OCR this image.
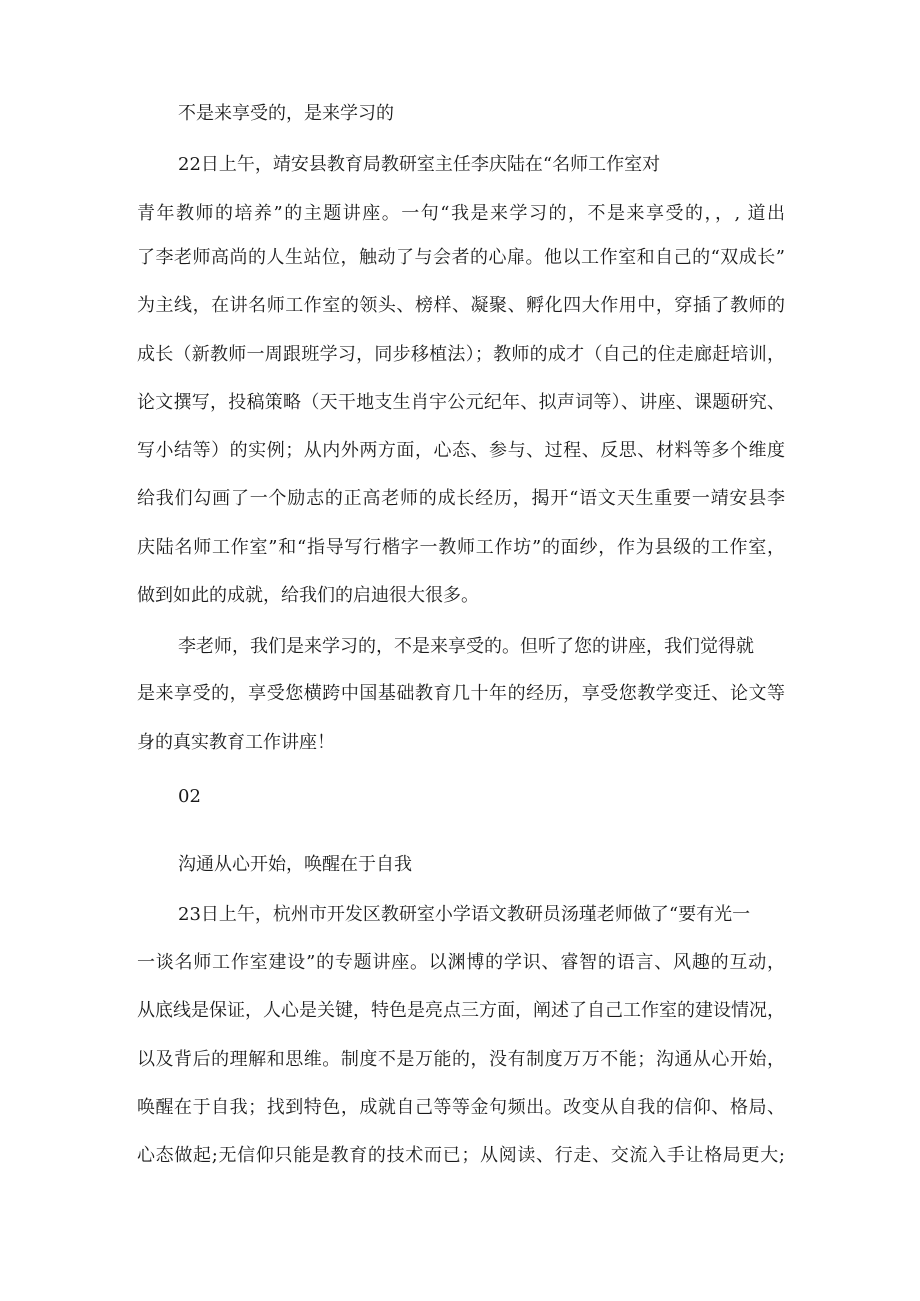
不是来享受的，是来学习的

22日上午，靖安县教育局教研室主任李庆陆在“名师工作室对

青年教师的培养”的主题讲座。一句“我是来学习的，不是来享受的，，, 道出

了李老师高尚的人生站位，触动了与会者的心扉。他以工作室和自己的“双成长”

为主线，在讲名师工作室的领头、榜样、凝聚、孵化四大作用中，穿插了教师的

成长（新教师一周跟班学习，同步移植法）；教师的成才（自己的住走廊赶培训，

论文撰写，投稿策略（天干地支生肖宇公元纪年、拟声词等）、讲座、课题研究、

写小结等）的实例；从内外两方面，心态、参与、过程、反思、材料等多个维度

给我们勾画了一个励志的正高老师的成长经历，揭开“语文天生重要一靖安县李

庆陆名师工作室”和“指导写行楷字一教师工作坊”的面纱，作为县级的工作室，

做到如此的成就，给我们的启迪很大很多。

李老师，我们是来学习的，不是来享受的。但听了您的讲座，我们觉得就

是来享受的，享受您横跨中国基础教育几十年的经历，享受您教学变迁、论文等

身的真实教育工作讲座！

02

沟通从心开始，唤醒在于自我

23日上午，杭州市开发区教研室小学语文教研员汤瑾老师做了“要有光一

一谈名师工作室建设”的专题讲座。以渊博的学识、睿智的语言、风趣的互动，

从底线是保证，人心是关键，特色是亮点三方面，阐述了自己工作室的建设情况，

以及背后的理解和思维。制度不是万能的，没有制度万万不能；沟通从心开始，

唤醒在于自我；找到特色，成就自己等等金句频出。改变从自我的信仰、格局、

心态做起;无信仰只能是教育的技术而已；从阅读、行走、交流入手让格局更大;
